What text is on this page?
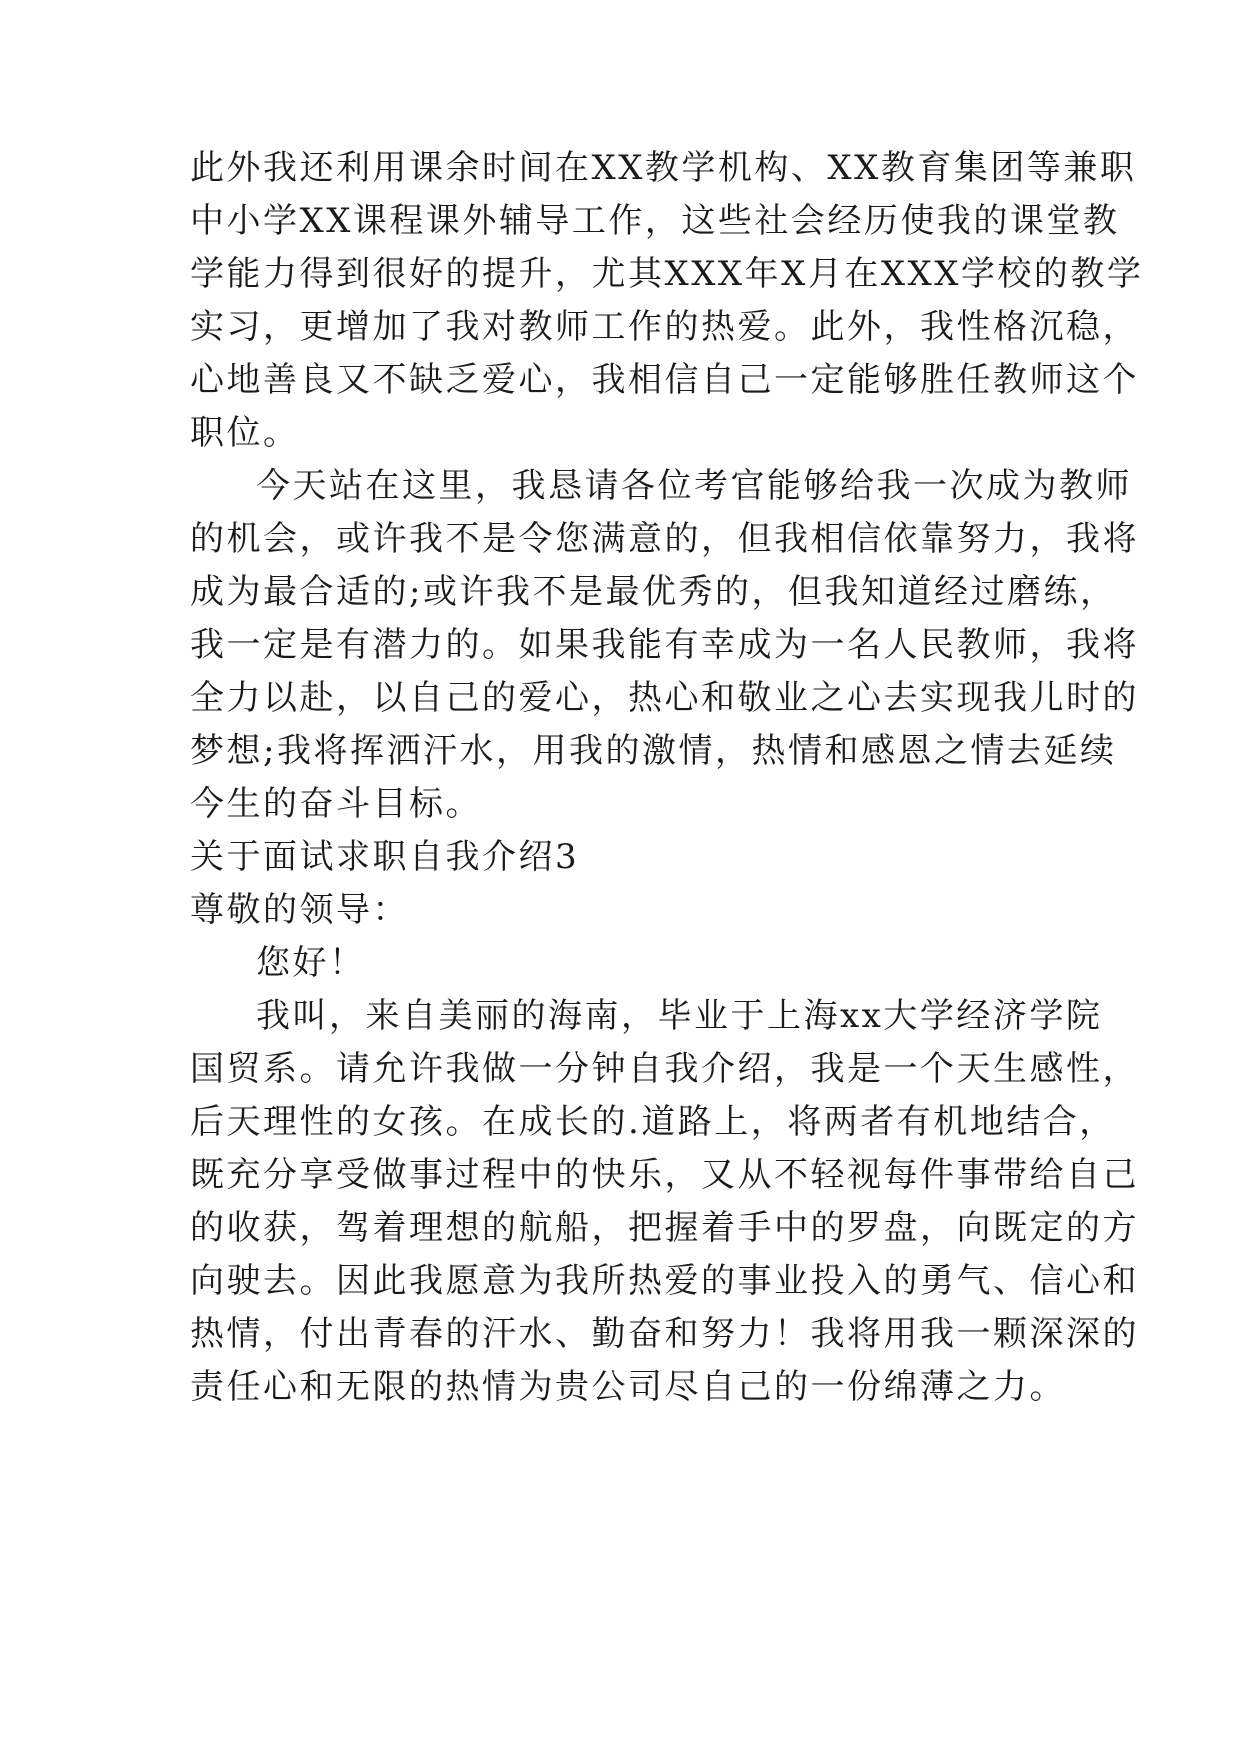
此外我还利用课余时间在XX教学机构、XX教育集团等兼职
中小学XX课程课外辅导工作，这些社会经历使我的课堂教
学能力得到很好的提升，尤其XXX年X月在XXX学校的教学
实习，更增加了我对教师工作的热爱。此外，我性格沉稳，
心地善良又不缺乏爱心，我相信自己一定能够胜任教师这个
职位。
今天站在这里，我恳请各位考官能够给我一次成为教师
的机会，或许我不是令您满意的，但我相信依靠努力，我将
成为最合适的;或许我不是最优秀的，但我知道经过磨练，
我一定是有潜力的。如果我能有幸成为一名人民教师，我将
全力以赴，以自己的爱心，热心和敬业之心去实现我儿时的
梦想;我将挥洒汗水，用我的激情，热情和感恩之情去延续
今生的奋斗目标。
关于面试求职自我介绍3
尊敬的领导：
您好！
我叫，来自美丽的海南，毕业于上海xx大学经济学院
国贸系。请允许我做一分钟自我介绍，我是一个天生感性，
后天理性的女孩。在成长的.道路上，将两者有机地结合，
既充分享受做事过程中的快乐，又从不轻视每件事带给自己
的收获，驾着理想的航船，把握着手中的罗盘，向既定的方
向驶去。因此我愿意为我所热爱的事业投入的勇气、信心和
热情，付出青春的汗水、勤奋和努力！我将用我一颗深深的
责任心和无限的热情为贵公司尽自己的一份绵薄之力。
